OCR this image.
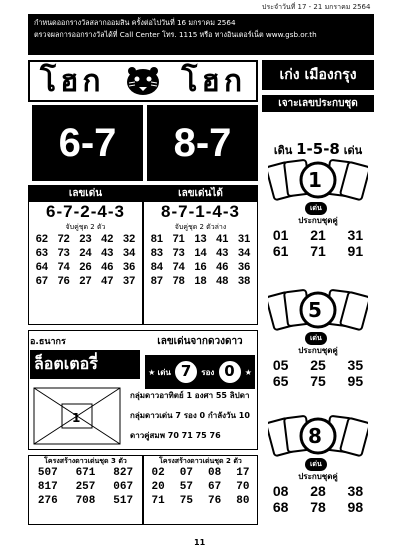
ประจำวันที่ 17 - 21 มกราคม 2564
กำหนดออกรางวัลสลากออมสิน ครั้งต่อไปวันที่ 16 มกราคม 2564
ตรวจผลการออกรางวัลได้ที่ Call Center โทร. 1115 หรือ ทางอินเตอร์เน็ต www.gsb.or.th
โฮก	โฮก	เก่ง เมืองกรุง
เจาะเลขประกบชุด
6-7	8-7
เลขเด่น
6-7-2-4-3
จับคู่ชุด 2 ตัว
62 72 23 42 32
63 73 24 43 34
64 74 26 46 36
67 76 27 47 37
เลขเด่นได้
8-7-1-4-3
จับคู่ชุด 2 ตัวล่าง
81 71 13 41 31
83 73 14 43 34
84 74 16 46 36
87 78 18 48 38
เดิน 1-5-8 เด่น
1
เด่น
ประกบชุดคู่
01 21 31
61 71 91
5
เด่น
ประกบชุดคู่
05 25 35
65 75 95
8
เด่น
ประกบชุดคู่
08 28 38
68 78 98
อ.ธนากร
ล็อตเตอรี่
เลขเด่นจากดวงดาว
★ เด่น 7	รอง 0	★
1
กลุ่มดาวอาทิตย์ 1 องศา 55 ลิปดา
กลุ่มดาวเด่น 7 รอง 0 กำลังวัน 10
ดาวคู่สมพ 70 71 75 76
โครงสร้างดาวเด่นชุด 3 ตัว
507	671	827
817	257	067
276	708	517
โครงสร้างดาวเด่นชุด 2 ตัว
02	07	08	17
20	57	67	70
71	75	76	80
11
